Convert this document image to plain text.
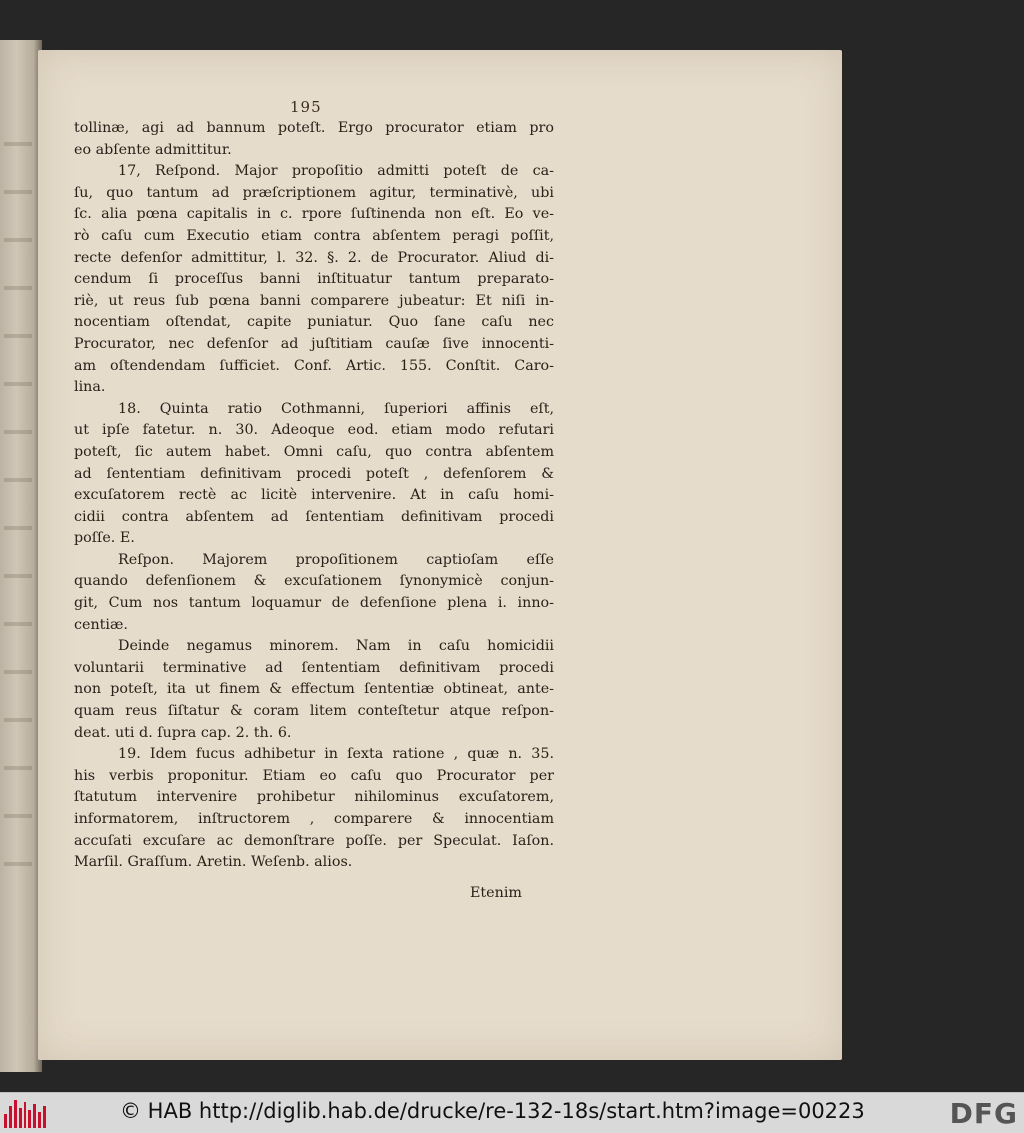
195
tollinæ, agi ad bannum poteſt. Ergo procurator etiam pro
eo abſente admittitur.
17, Reſpond. Major propoſitio admitti poteſt de ca-
ſu, quo tantum ad præſcriptionem agitur, terminativè, ubi
ſc. alia pœna capitalis in c. rpore ſuſtinenda non eſt. Eo ve-
rò caſu cum Executio etiam contra abſentem peragi poſſit,
recte defenſor admittitur, l. 32. §. 2. de Procurator. Aliud di-
cendum ſi proceſſus banni inſtituatur tantum preparato-
riè, ut reus ſub pœna banni comparere jubeatur: Et niſi in-
nocentiam oſtendat, capite puniatur. Quo ſane caſu nec
Procurator, nec defenſor ad juſtitiam cauſæ ſive innocenti-
am oſtendendam ſufficiet. Conf. Artic. 155. Conſtit. Caro-
lina.
18. Quinta ratio Cothmanni, ſuperiori affinis eſt,
ut ipſe fatetur. n. 30. Adeoque eod. etiam modo refutari
poteſt, ſic autem habet. Omni caſu, quo contra abſentem
ad ſententiam definitivam procedi poteſt , defenſorem &
excuſatorem rectè ac licitè intervenire. At in caſu homi-
cidii contra abſentem ad ſententiam definitivam procedi
poſſe. E.
Reſpon. Majorem propoſitionem captioſam eſſe
quando defenſionem & excuſationem ſynonymicè conjun-
git, Cum nos tantum loquamur de defenſione plena i. inno-
centiæ.
Deinde negamus minorem. Nam in caſu homicidii
voluntarii terminative ad ſententiam definitivam procedi
non poteſt, ita ut finem & effectum ſententiæ obtineat, ante-
quam reus ſiſtatur & coram litem conteſtetur atque reſpon-
deat. uti d. ſupra cap. 2. th. 6.
19. Idem fucus adhibetur in ſexta ratione , quæ n. 35.
his verbis proponitur. Etiam eo caſu quo Procurator per
ſtatutum intervenire prohibetur nihilominus excuſatorem,
informatorem, inſtructorem , comparere & innocentiam
accuſati excuſare ac demonſtrare poſſe. per Speculat. Iaſon.
Marſil. Graſſum. Aretin. Weſenb. alios.
Etenim
© HAB http://diglib.hab.de/drucke/re-132-18s/start.htm?image=00223	DFG
